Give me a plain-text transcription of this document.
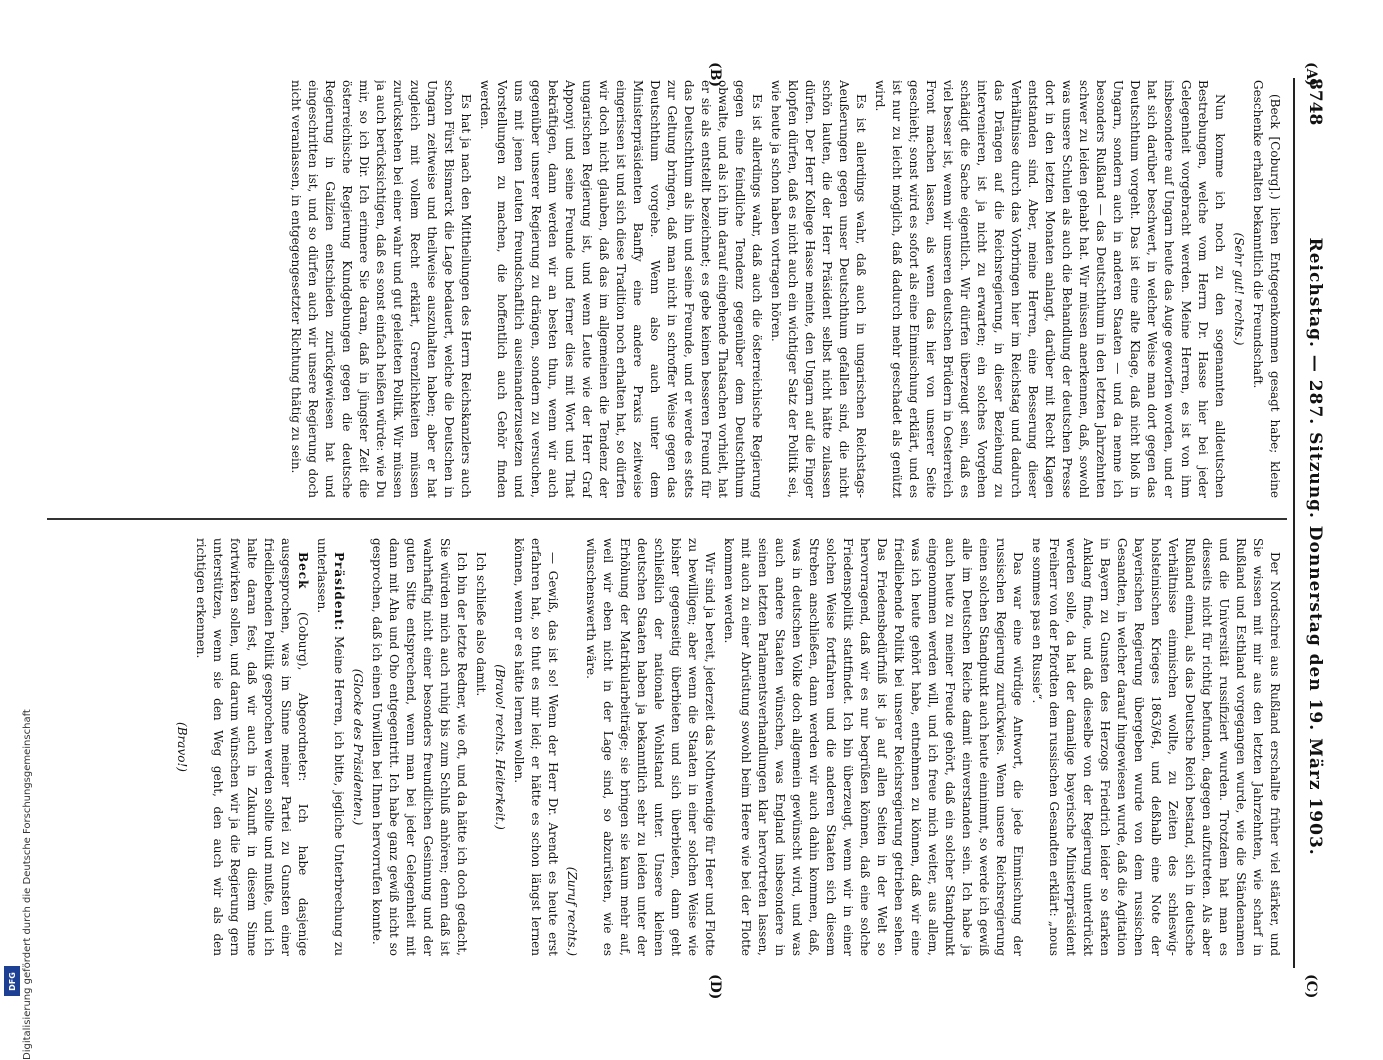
(A)
(B)
(C)
(D)
8748
Reichstag. — 287. Sitzung. Donnerstag den 19. März 1903.

(Beck [Coburg].) lichen Entgegenkommen gesagt habe; kleine Geschenke erhalten bekanntlich die Freundschaft.

(Sehr gut! rechts.)

Nun komme ich noch zu den sogenannten alldeutschen Bestrebungen, welche vom Herrn Dr. Hasse hier bei jeder Gelegenheit vorgebracht werden. Meine Herren, es ist von ihm insbesondere auf Ungarn heute das Auge geworfen worden, und er hat sich darüber beschwert, in welcher Weise man dort gegen das Deutschthum vorgeht. Das ist eine alte Klage, daß nicht bloß in Ungarn, sondern auch in anderen Staaten — und da nenne ich besonders Rußland — das Deutschthum in den letzten Jahrzehnten schwer zu leiden gehabt hat. Wir müssen anerkennen, daß, sowohl was unsere Schulen als auch die Behandlung der deutschen Presse dort in den letzten Monaten anlangt, darüber mit Recht Klagen entstanden sind. Aber, meine Herren, eine Besserung dieser Verhältnisse durch das Vorbringen hier im Reichstag und dadurch das Drängen auf die Reichsregierung, in dieser Beziehung zu intervenieren, ist ja nicht zu erwarten; ein solches Vorgehen schädigt die Sache eigentlich. Wir dürfen überzeugt sein, daß es viel besser ist, wenn wir unseren deutschen Brüdern in Oesterreich Front machen lassen, als wenn das hier von unserer Seite geschieht; sonst wird es sofort als eine Einmischung erklärt, und es ist nur zu leicht möglich, daß dadurch mehr geschadet als genützt wird.

Es ist allerdings wahr, daß auch in ungarischen Reichstags-Aeußerungen gegen unser Deutschthum gefallen sind, die nicht schön lauten, die der Herr Präsident selbst nicht hätte zulassen dürfen. Der Herr Kollege Hasse meinte, den Ungarn auf die Finger klopfen dürfen, daß es nicht auch ein wichtiger Satz der Politik sei, wie heute ja schon haben vortragen hören.

Es ist allerdings wahr, daß auch die österreichische Regierung gegen eine feindliche Tendenz gegenüber dem Deutschthum obwalte, und als ich ihn darauf eingehende Thatsachen vorhielt, hat er sie als entstellt bezeichnet; es gebe keinen besseren Freund für das Deutschthum als ihn und seine Freunde, und er werde es stets zur Geltung bringen, daß man nicht in schroffer Weise gegen das Deutschthum vorgehe. Wenn also auch unter dem Ministerpräsidenten Banffy eine andere Praxis zeitweise eingerissen ist und sich diese Tradition noch erhalten hat, so dürfen wir doch nicht glauben, daß das im allgemeinen die Tendenz der ungarischen Regierung ist, und wenn Leute wie der Herr Graf Apponyi und seine Freunde und ferner dies mit Wort und That bekräftigen, dann werden wir an besten thun, wenn wir auch gegenüber unserer Regierung zu drängen, sondern zu versuchen, uns mit jenen Leuten freundschaftlich auseinanderzusetzen und Vorstellungen zu machen, die hoffentlich auch Gehör finden werden.

Es hat ja nach den Mittheilungen des Herrn Reichskanzlers auch schon Fürst Bismarck die Lage bedauert, welche die Deutschen in Ungarn zeitweise und theilweise auszuhalten haben; aber er hat zugleich mit vollem Recht erklärt, Grenzlichkeiten müssen zurückstehen bei einer wahr und gut geleiteten Politik. Wir müssen ja auch berücksichtigen, daß es sonst einfach heißen würde: wie Du mir, so ich Dir. Ich erinnere Sie daran, daß in jüngster Zeit die österreichische Regierung Kundgebungen gegen die deutsche Regierung in Galizien entschieden zurückgewiesen hat und eingeschritten ist, und so dürfen auch wir unsere Regierung doch nicht veranlassen, in entgegengesetzter Richtung thätig zu sein.

Der Nordschrei aus Rußland erschallte früher viel stärker, und Sie wissen mit mir aus den letzten Jahrzehnten, wie scharf in Rußland und Esthland vorgegangen wurde, wie die Ständenamen und die Universität russifiziert wurden. Trotzdem hat man es diesseits nicht für richtig befunden, dagegen aufzutreten. Als aber Rußland einmal, als das Deutsche Reich bestand, sich in deutsche Verhältnisse einmischen wollte, zu Zeiten des schleswig-holsteinischen Krieges 1863/64, und deßhalb eine Note der bayerischen Regierung übergeben wurde von dem russischen Gesandten, in welcher darauf hingewiesen wurde, daß die Agitation in Bayern zu Gunsten des Herzogs Friedrich leider so starken Anklang finde, und daß dieselbe von der Regierung unterdrückt werden solle, da hat der damalige bayerische Ministerpräsident Freiherr von der Pfordten dem russischen Gesandten erklärt: „nous ne sommes pas en Russie“.

Das war eine würdige Antwort, die jede Einmischung der russischen Regierung zurückwies. Wenn unsere Reichsregierung einen solchen Standpunkt auch heute einnimmt, so werde ich gewiß alle im Deutschen Reiche damit einverstanden sein. Ich habe ja auch heute zu meiner Freude gehört, daß ein solcher Standpunkt eingenommen werden will, und ich freue mich weiter, aus allem, was ich heute gehört habe, entnehmen zu können, daß wir eine friedliebende Politik bei unserer Reichsregierung getrieben sehen. Das Friedensbedürfniß ist ja auf allen Seiten in der Welt so hervorragend, daß wir es nur begrüßen können, daß eine solche Friedenspolitik stattfindet. Ich bin überzeugt, wenn wir in einer solchen Weise fortfahren und die anderen Staaten sich diesem Streben anschließen, dann werden wir auch dahin kommen, daß, was in deutschen Volke doch allgemein gewünscht wird, und was auch andere Staaten wünschen, was England insbesondere in seinen letzten Parlamentsverhandlungen klar hervortreten lassen, mit auch zu einer Abrüstung sowohl beim Heere wie bei der Flotte kommen werden.

Wir sind ja bereit, jederzeit das Nothwendige für Heer und Flotte zu bewilligen; aber wenn die Staaten in einer solchen Weise wie bisher gegenseitig überbieten und sich überbieten, dann geht schließlich der nationale Wohlstand unter. Unsere kleinen deutschen Staaten haben ja bekanntlich sehr zu leiden unter der Erhöhung der Matrikularbeiträge; sie bringen sie kaum mehr auf, weil wir eben nicht in der Lage sind, so abzurüsten, wie es wünschenswerth wäre.

(Zuruf rechts.)

— Gewiß, das ist so! Wenn der Herr Dr. Arendt es heute erst erfahren hat, so thut es mir leid; er hätte es schon längst lernen können, wenn er es hätte lernen wollen.

(Bravo! rechts. Heiterkeit.)

Ich schließe also damit.

Ich bin der letzte Redner, wie oft, und da hätte ich doch gedacht, Sie würden mich auch ruhig bis zum Schluß anhören; denn daß ist wahrhaftig nicht einer besonders freundlichen Gesinnung und der guten Sitte entsprechend, wenn man bei jeder Gelegenheit mit dann mit Aha und Oho entgegentritt. Ich habe ganz gewiß nicht so gesprochen, daß ich einen Unwillen bei Ihnen hervorrufen konnte.

(Glocke des Präsidenten.)

Präsident: Meine Herren, ich bitte, jegliche Unterbrechung zu unterlassen.

Beck (Coburg), Abgeordneter: Ich habe dasjenige ausgesprochen, was im Sinne meiner Partei zu Gunsten einer friedliebenden Politik gesprochen werden sollte und mußte, und ich halte daran fest, daß wir auch in Zukunft in diesem Sinne fortwirken sollen, und darum wünschen wir ja die Regierung gern unterstützen, wenn sie den Weg geht, den auch wir als den richtigen erkennen.

(Bravo!)

Digitalisierung gefördert durch die Deutsche Forschungsgemeinschaft
DFG
